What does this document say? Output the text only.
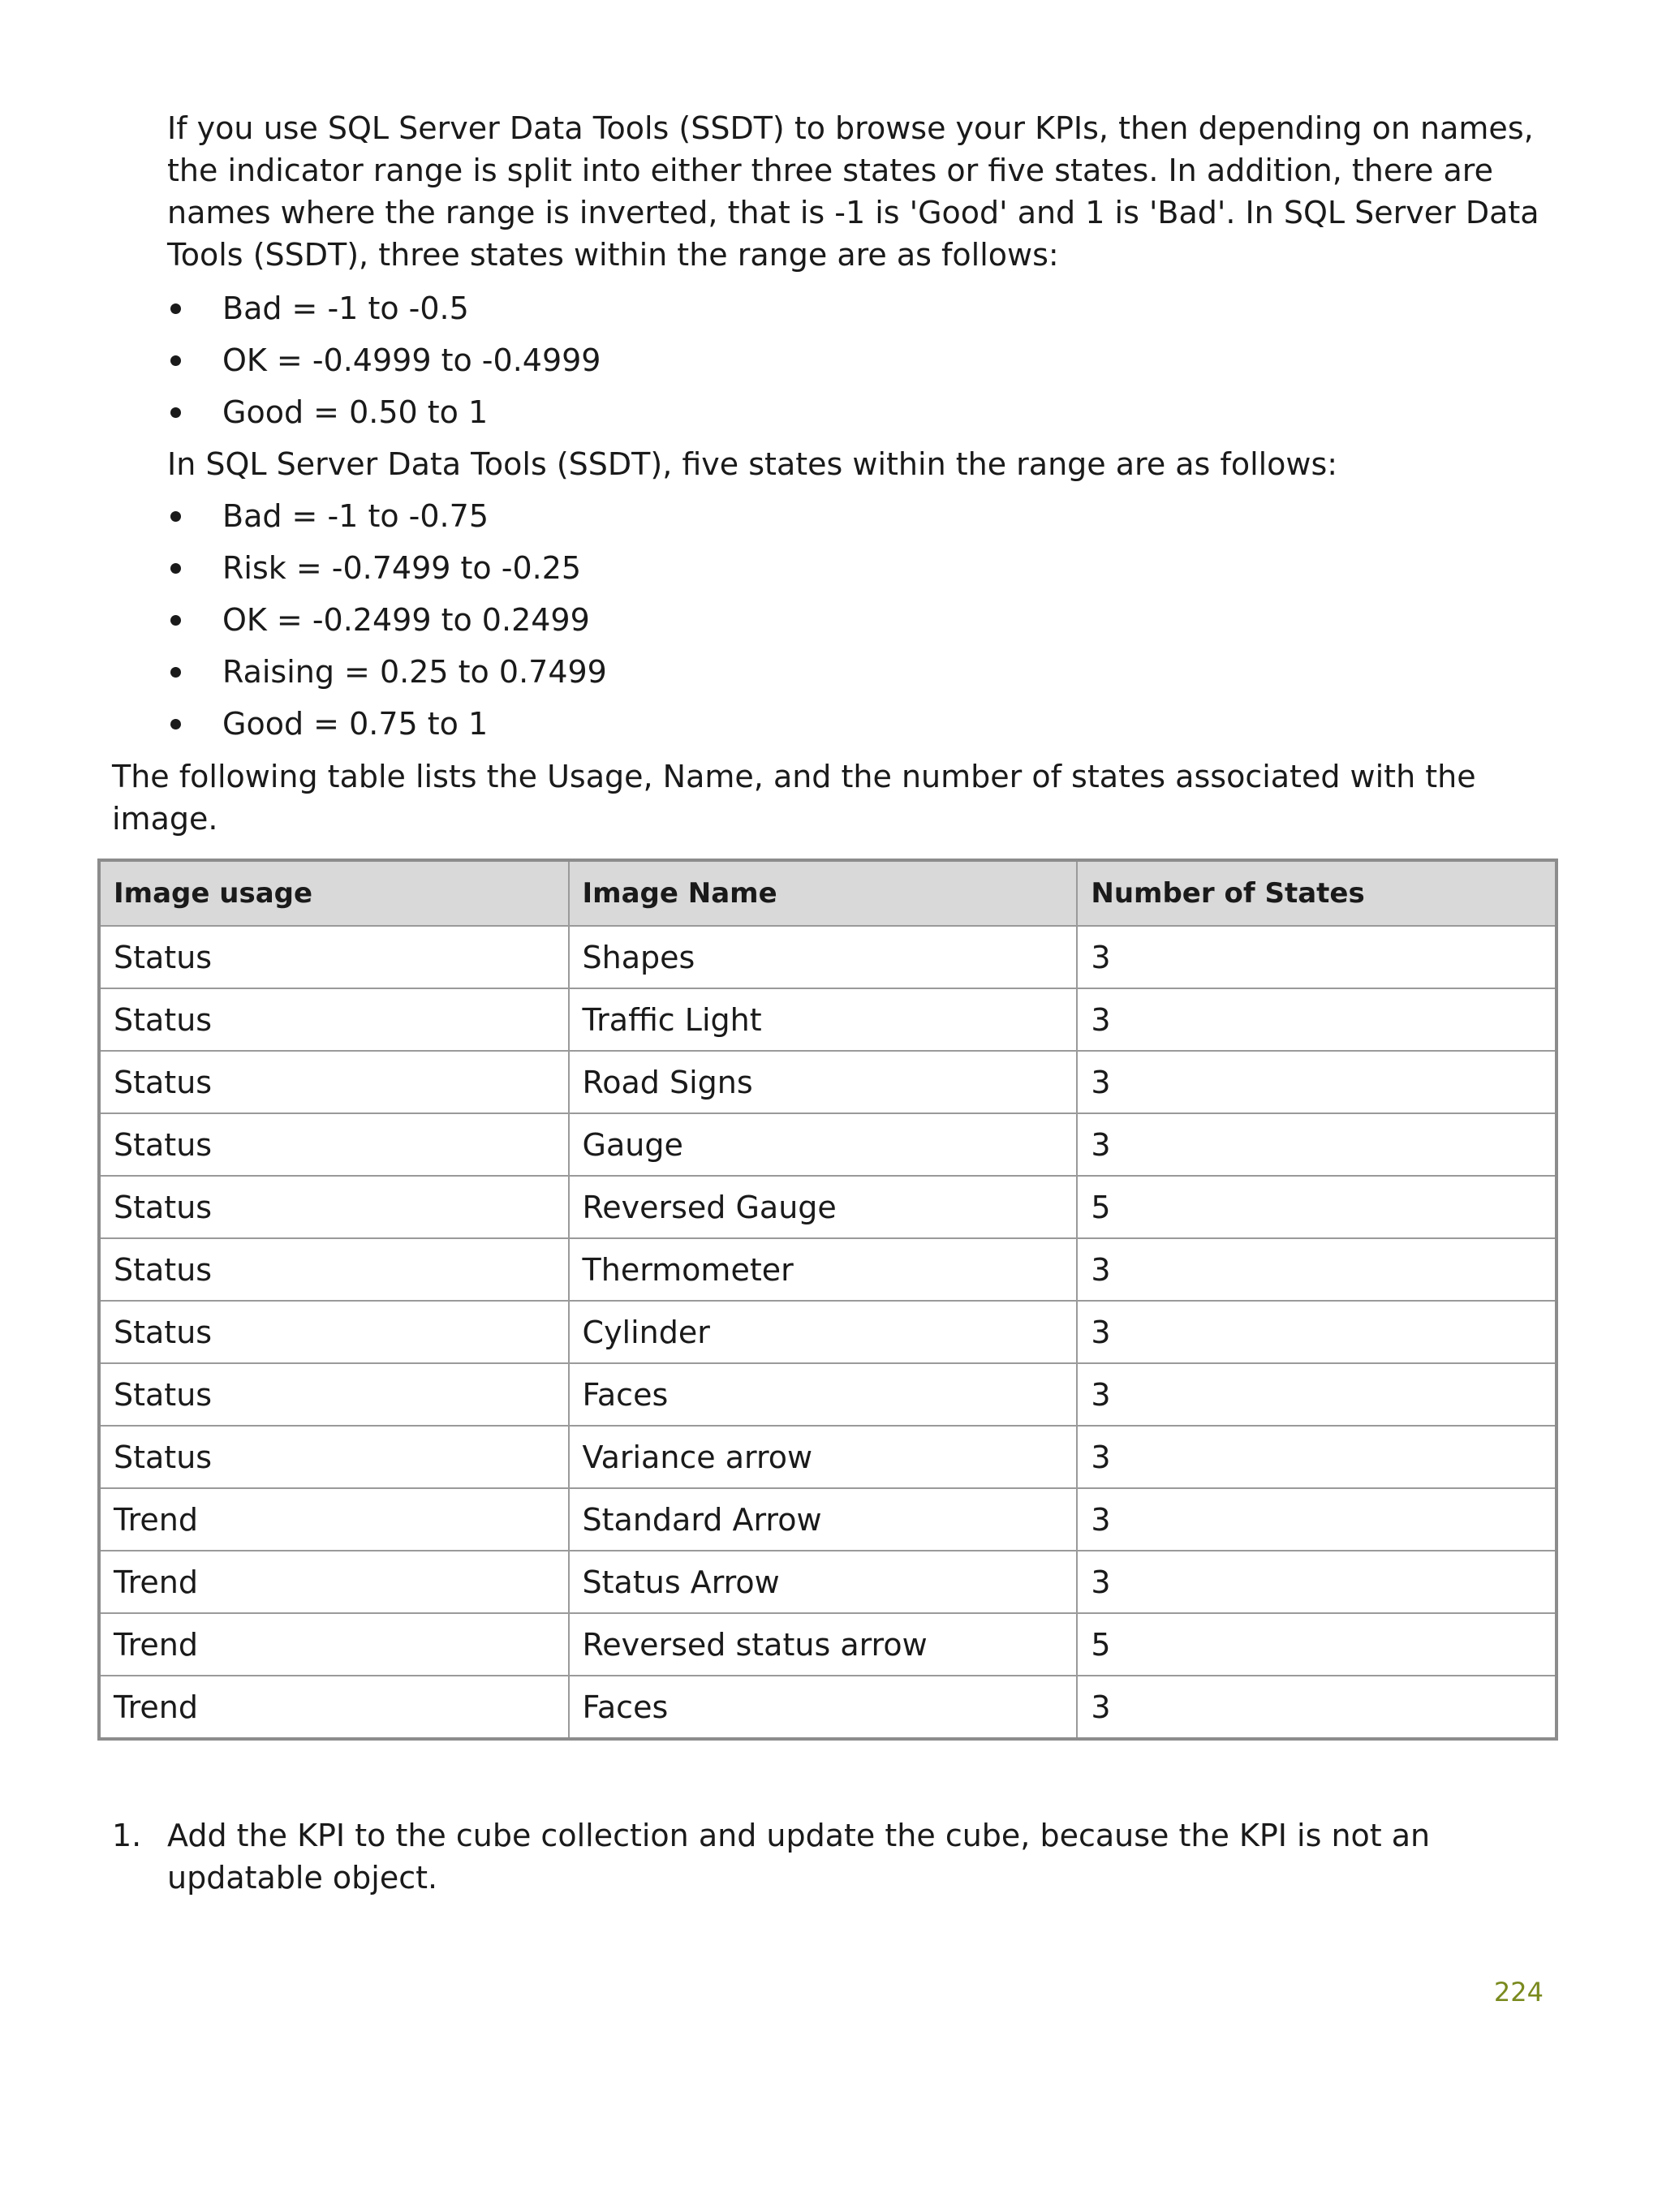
If you use SQL Server Data Tools (SSDT) to browse your KPIs, then depending on names, the indicator range is split into either three states or five states. In addition, there are names where the range is inverted, that is -1 is 'Good' and 1 is 'Bad'. In SQL Server Data Tools (SSDT), three states within the range are as follows:

Bad = -1 to -0.5
OK = -0.4999 to -0.4999
Good = 0.50 to 1

In SQL Server Data Tools (SSDT), five states within the range are as follows:

Bad = -1 to -0.75
Risk = -0.7499 to -0.25
OK = -0.2499 to 0.2499
Raising = 0.25 to 0.7499
Good = 0.75 to 1

The following table lists the Usage, Name, and the number of states associated with the image.

Image usage	Image Name	Number of States
Status	Shapes	3
Status	Traffic Light	3
Status	Road Signs	3
Status	Gauge	3
Status	Reversed Gauge	5
Status	Thermometer	3
Status	Cylinder	3
Status	Faces	3
Status	Variance arrow	3
Trend	Standard Arrow	3
Trend	Status Arrow	3
Trend	Reversed status arrow	5
Trend	Faces	3
1. Add the KPI to the cube collection and update the cube, because the KPI is not an updatable object.
224
